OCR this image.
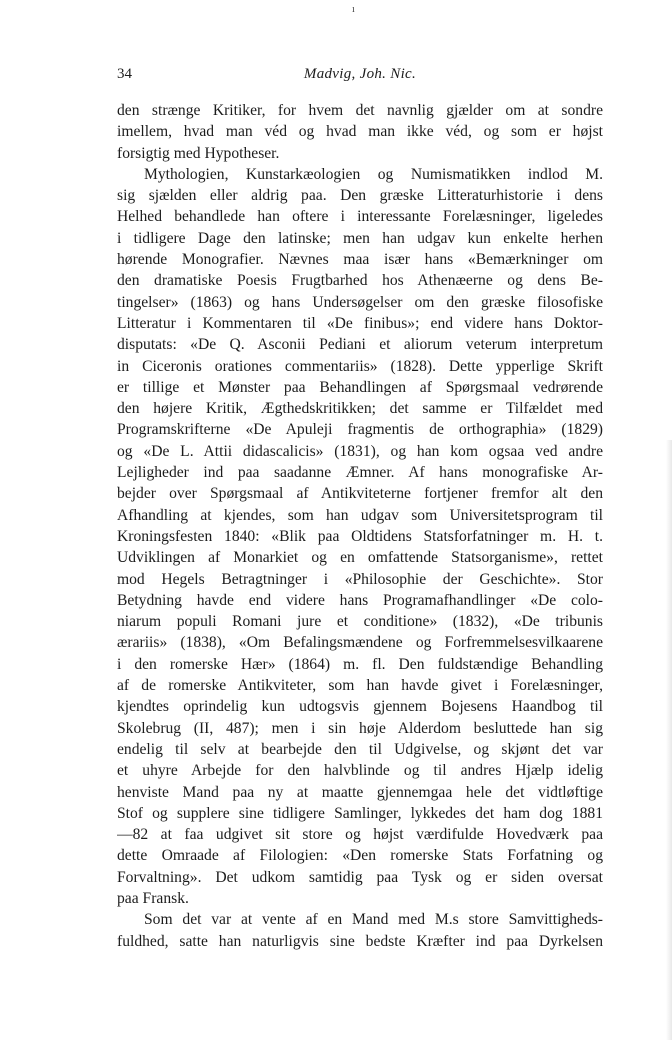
ı
34	Madvig, Joh. Nic.
den strænge Kritiker, for hvem det navnlig gjælder om at sondre
imellem, hvad man véd og hvad man ikke véd, og som er højst
forsigtig med Hypotheser.
Mythologien, Kunstarkæologien og Numismatikken indlod M.
sig sjælden eller aldrig paa. Den græske Litteraturhistorie i dens
Helhed behandlede han oftere i interessante Forelæsninger, ligeledes
i tidligere Dage den latinske; men han udgav kun enkelte herhen
hørende Monografier. Nævnes maa især hans «Bemærkninger om
den dramatiske Poesis Frugtbarhed hos Athenæerne og dens Be-
tingelser» (1863) og hans Undersøgelser om den græske filosofiske
Litteratur i Kommentaren til «De finibus»; end videre hans Doktor-
disputats: «De Q. Asconii Pediani et aliorum veterum interpretum
in Ciceronis orationes commentariis» (1828). Dette ypperlige Skrift
er tillige et Mønster paa Behandlingen af Spørgsmaal vedrørende
den højere Kritik, Ægthedskritikken; det samme er Tilfældet med
Programskrifterne «De Apuleji fragmentis de orthographia» (1829)
og «De L. Attii didascalicis» (1831), og han kom ogsaa ved andre
Lejligheder ind paa saadanne Æmner. Af hans monografiske Ar-
bejder over Spørgsmaal af Antikviteterne fortjener fremfor alt den
Afhandling at kjendes, som han udgav som Universitetsprogram til
Kroningsfesten 1840: «Blik paa Oldtidens Statsforfatninger m. H. t.
Udviklingen af Monarkiet og en omfattende Statsorganisme», rettet
mod Hegels Betragtninger i «Philosophie der Geschichte». Stor
Betydning havde end videre hans Programafhandlinger «De colo-
niarum populi Romani jure et conditione» (1832), «De tribunis
ærariis» (1838), «Om Befalingsmændene og Forfremmelsesvilkaarene
i den romerske Hær» (1864) m. fl. Den fuldstændige Behandling
af de romerske Antikviteter, som han havde givet i Forelæsninger,
kjendtes oprindelig kun udtogsvis gjennem Bojesens Haandbog til
Skolebrug (II, 487); men i sin høje Alderdom besluttede han sig
endelig til selv at bearbejde den til Udgivelse, og skjønt det var
et uhyre Arbejde for den halvblinde og til andres Hjælp idelig
henviste Mand paa ny at maatte gjennemgaa hele det vidtløftige
Stof og supplere sine tidligere Samlinger, lykkedes det ham dog 1881
—82 at faa udgivet sit store og højst værdifulde Hovedværk paa
dette Omraade af Filologien: «Den romerske Stats Forfatning og
Forvaltning». Det udkom samtidig paa Tysk og er siden oversat
paa Fransk.
Som det var at vente af en Mand med M.s store Samvittigheds-
fuldhed, satte han naturligvis sine bedste Kræfter ind paa Dyrkelsen
